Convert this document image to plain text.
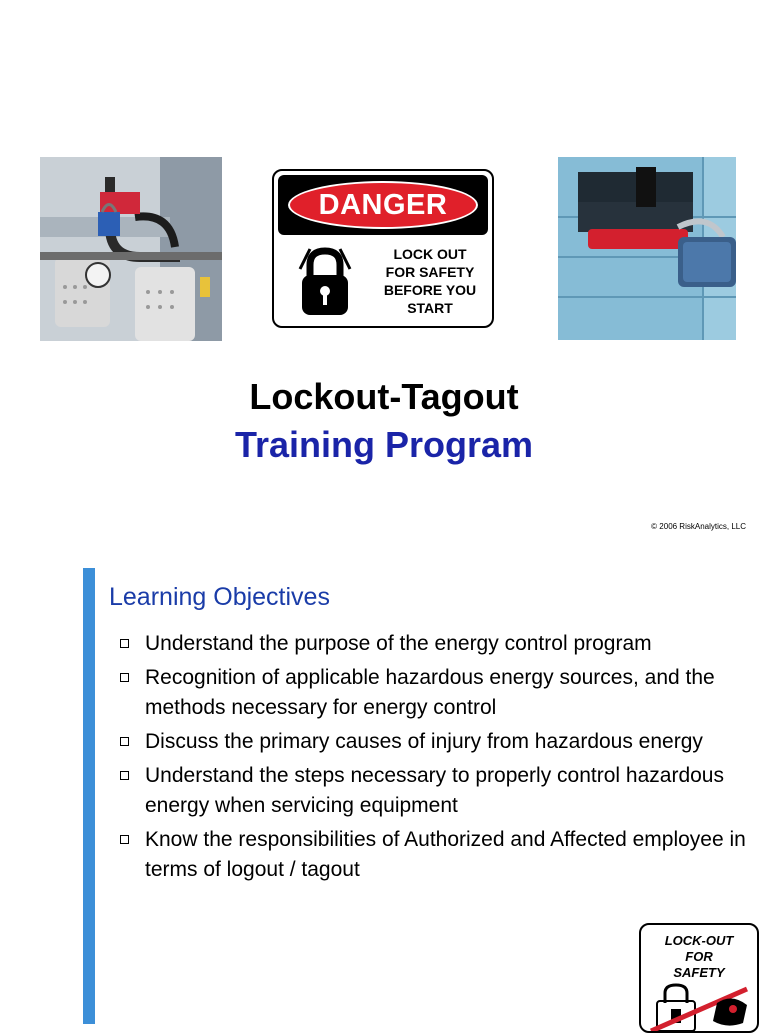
DANGER
LOCK OUT
FOR SAFETY
BEFORE YOU
START
Lockout-Tagout
Training Program
© 2006 RiskAnalytics, LLC
Learning Objectives
Understand the purpose of the energy control program
Recognition of applicable hazardous energy sources, and the methods necessary for energy control
Discuss the primary causes of injury from hazardous energy
Understand the steps necessary to properly control hazardous energy when servicing equipment
Know the responsibilities of Authorized and Affected employee in terms of logout / tagout
LOCK-OUT
FOR
SAFETY
